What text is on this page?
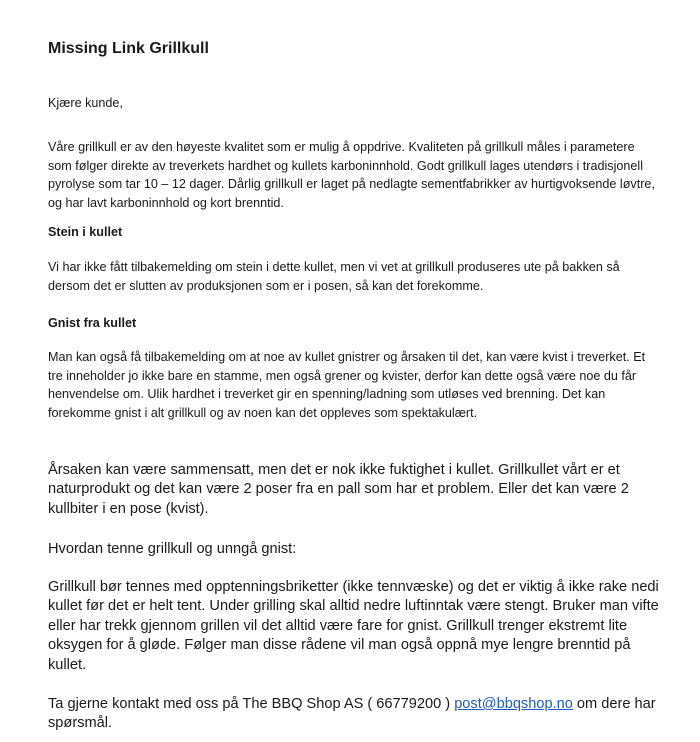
Missing Link Grillkull

Kjære kunde,

Våre grillkull er av den høyeste kvalitet som er mulig å oppdrive. Kvaliteten på grillkull måles i parametere som følger direkte av treverkets hardhet og kullets karboninnhold. Godt grillkull lages utendørs i tradisjonell pyrolyse som tar 10 – 12 dager. Dårlig grillkull er laget på nedlagte sementfabrikker av hurtigvoksende løvtre, og har lavt karboninnhold og kort brenntid.

Stein i kullet

Vi har ikke fått tilbakemelding om stein i dette kullet, men vi vet at grillkull produseres ute på bakken så dersom det er slutten av produksjonen som er i posen, så kan det forekomme.

Gnist fra kullet

Man kan også få tilbakemelding om at noe av kullet gnistrer og årsaken til det, kan være kvist i treverket. Et tre inneholder jo ikke bare en stamme, men også grener og kvister, derfor kan dette også være noe du får henvendelse om. Ulik hardhet i treverket gir en spenning/ladning som utløses ved brenning. Det kan forekomme gnist i alt grillkull og av noen kan det oppleves som spektakulært.

Årsaken kan være sammensatt, men det er nok ikke fuktighet i kullet. Grillkullet vårt er et naturprodukt og det kan være 2 poser fra en pall som har et problem. Eller det kan være 2 kullbiter i en pose (kvist).

Hvordan tenne grillkull og unngå gnist:

Grillkull bør tennes med opptenningsbriketter (ikke tennvæske) og det er viktig å ikke rake nedi kullet før det er helt tent. Under grilling skal alltid nedre luftinntak være stengt. Bruker man vifte eller har trekk gjennom grillen vil det alltid være fare for gnist. Grillkull trenger ekstremt lite oksygen for å gløde. Følger man disse rådene vil man også oppnå mye lengre brenntid på kullet.

Ta gjerne kontakt med oss på The BBQ Shop AS ( 66779200 ) post@bbqshop.no om dere har spørsmål.
